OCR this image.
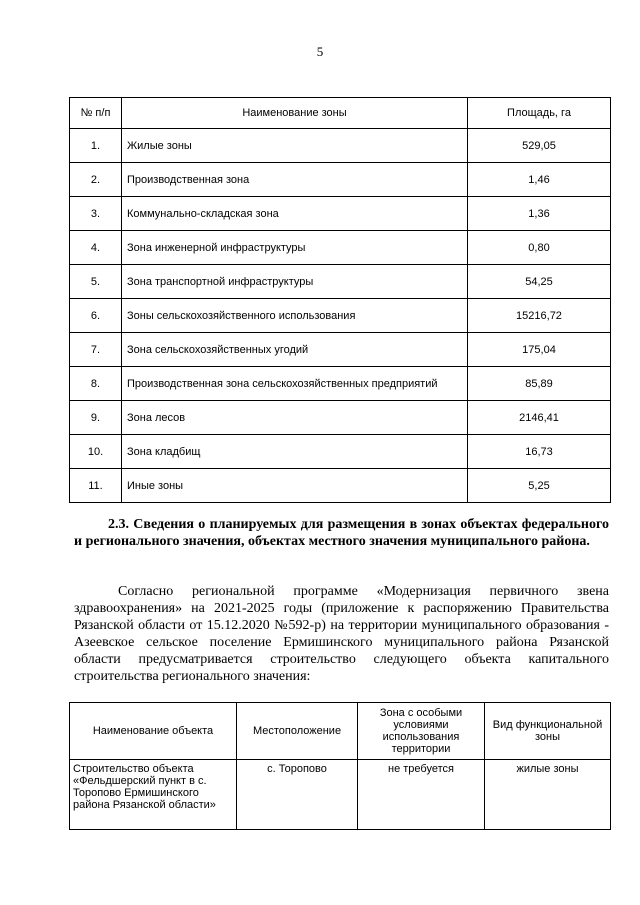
5
№ п/п	Наименование зоны	Площадь, га
1.	Жилые зоны	529,05
2.	Производственная зона	1,46
3.	Коммунально-складская зона	1,36
4.	Зона инженерной инфраструктуры	0,80
5.	Зона транспортной инфраструктуры	54,25
6.	Зоны сельскохозяйственного использования	15216,72
7.	Зона сельскохозяйственных угодий	175,04
8.	Производственная зона сельскохозяйственных предприятий	85,89
9.	Зона лесов	2146,41
10.	Зона кладбищ	16,73
11.	Иные зоны	5,25
2.3. Сведения о планируемых для размещения в зонах объектах федерального и регионального значения, объектах местного значения муниципального района.
Согласно региональной программе «Модернизация первичного звена здравоохранения» на 2021-2025 годы (приложение к распоряжению Правительства Рязанской области от 15.12.2020 №592-р) на территории муниципального образования - Азеевское сельское поселение Ермишинского муниципального района Рязанской области предусматривается строительство следующего объекта капитального строительства регионального значения:
Наименование объекта	Местоположение	Зона с особыми условиями использования территории	Вид функциональной зоны
Строительство объекта «Фельдшерский пункт в с. Торопово Ермишинского района Рязанской области»	с. Торопово	не требуется	жилые зоны
